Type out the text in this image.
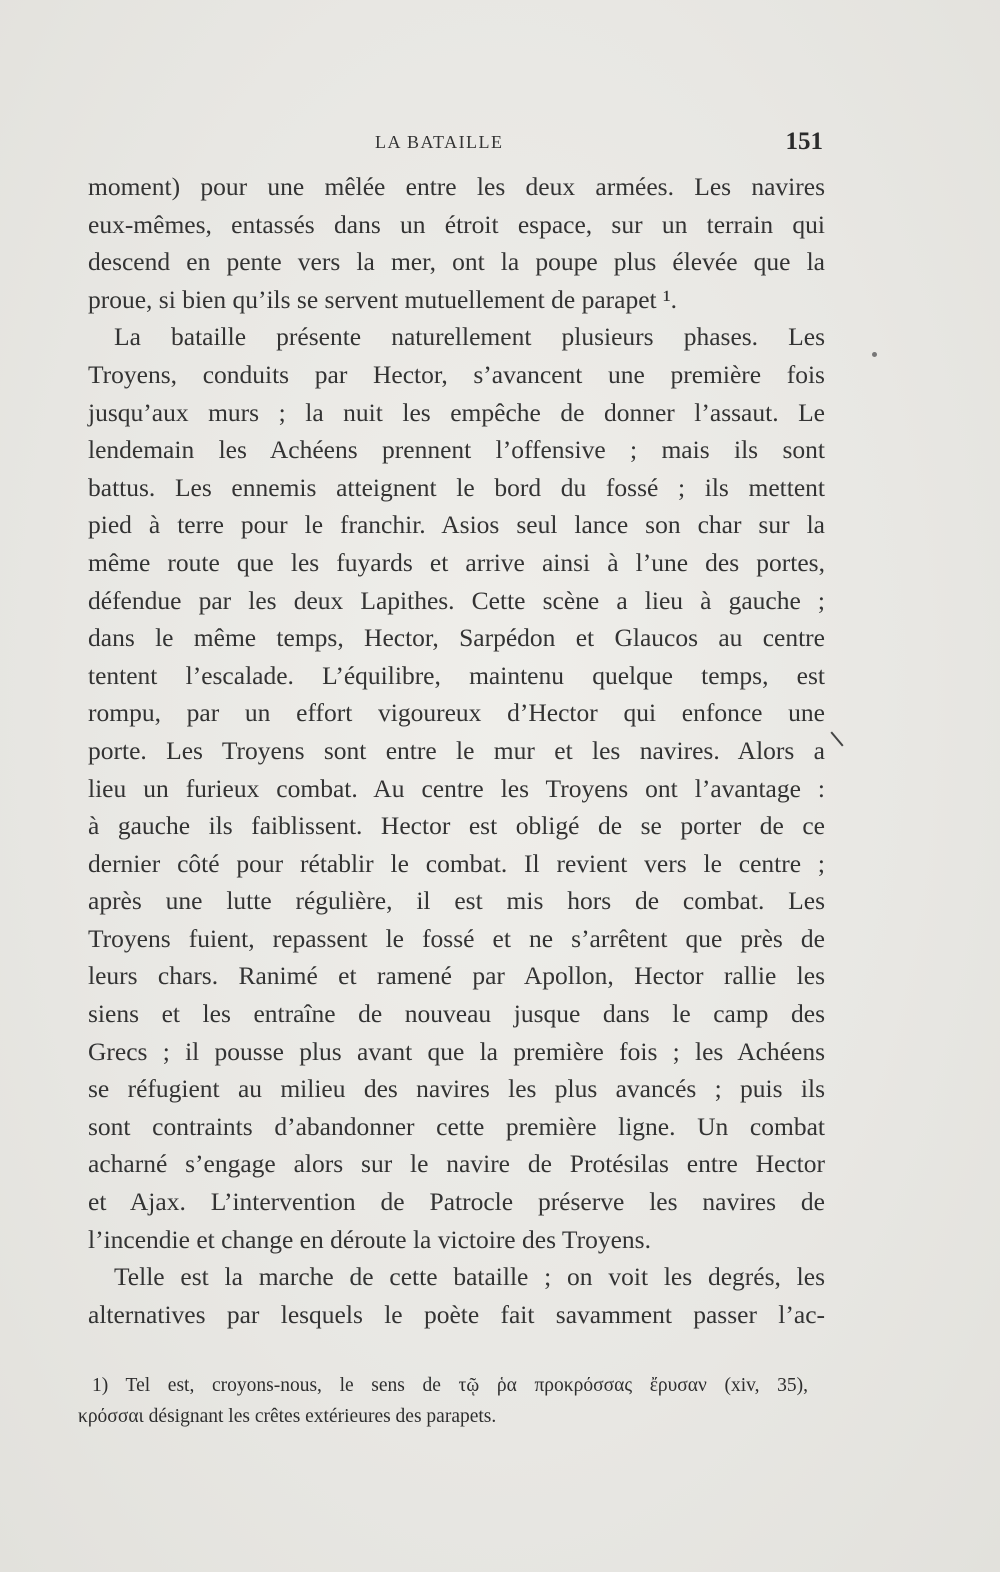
LA BATAILLE	151
moment) pour une mêlée entre les deux armées. Les navires
eux-mêmes, entassés dans un étroit espace, sur un terrain qui
descend en pente vers la mer, ont la poupe plus élevée que la
proue, si bien qu’ils se servent mutuellement de parapet ¹.
La bataille présente naturellement plusieurs phases. Les
Troyens, conduits par Hector, s’avancent une première fois
jusqu’aux murs ; la nuit les empêche de donner l’assaut. Le
lendemain les Achéens prennent l’offensive ; mais ils sont
battus. Les ennemis atteignent le bord du fossé ; ils mettent
pied à terre pour le franchir. Asios seul lance son char sur la
même route que les fuyards et arrive ainsi à l’une des portes,
défendue par les deux Lapithes. Cette scène a lieu à gauche ;
dans le même temps, Hector, Sarpédon et Glaucos au centre
tentent l’escalade. L’équilibre, maintenu quelque temps, est
rompu, par un effort vigoureux d’Hector qui enfonce une
porte. Les Troyens sont entre le mur et les navires. Alors a
lieu un furieux combat. Au centre les Troyens ont l’avantage :
à gauche ils faiblissent. Hector est obligé de se porter de ce
dernier côté pour rétablir le combat. Il revient vers le centre ;
après une lutte régulière, il est mis hors de combat. Les
Troyens fuient, repassent le fossé et ne s’arrêtent que près de
leurs chars. Ranimé et ramené par Apollon, Hector rallie les
siens et les entraîne de nouveau jusque dans le camp des
Grecs ; il pousse plus avant que la première fois ; les Achéens
se réfugient au milieu des navires les plus avancés ; puis ils
sont contraints d’abandonner cette première ligne. Un combat
acharné s’engage alors sur le navire de Protésilas entre Hector
et Ajax. L’intervention de Patrocle préserve les navires de
l’incendie et change en déroute la victoire des Troyens.
Telle est la marche de cette bataille ; on voit les degrés, les
alternatives par lesquels le poète fait savamment passer l’ac-
1) Tel est, croyons-nous, le sens de τῷ ῥα προκρόσσας ἔρυσαν (xiv, 35),
κρόσσαι désignant les crêtes extérieures des parapets.
